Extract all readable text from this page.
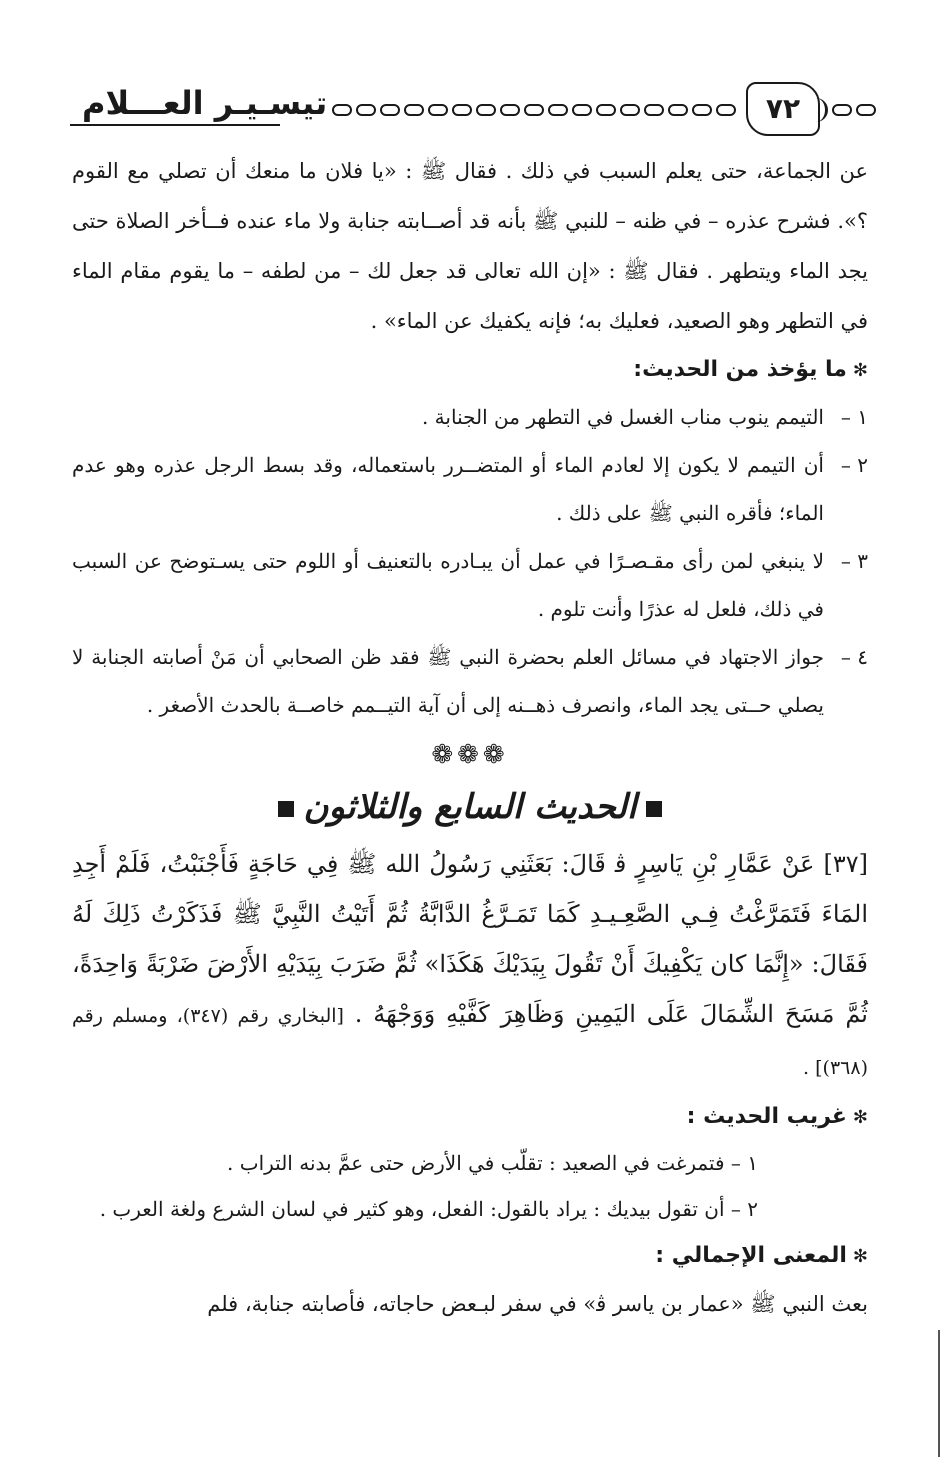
تيسـيـر العـــلام	٧٢

عن الجماعة، حتى يعلم السبب في ذلك . فقال ﷺ : «يا فلان ما منعك أن تصلي مع القوم ؟». فشرح عذره – في ظنه – للنبي ﷺ بأنه قد أصــابته جنابة ولا ماء عنده فــأخر الصلاة حتى يجد الماء ويتطهر . فقال ﷺ : «إن الله تعالى قد جعل لك – من لطفه – ما يقوم مقام الماء في التطهر وهو الصعيد، فعليك به؛ فإنه يكفيك عن الماء» .

✻ما يؤخذ من الحديث:
١ –
التيمم ينوب مناب الغسل في التطهر من الجنابة .
٢ –
أن التيمم لا يكون إلا لعادم الماء أو المتضــرر باستعماله، وقد بسط الرجل عذره وهو عدم الماء؛ فأقره النبي ﷺ على ذلك .
٣ –
لا ينبغي لمن رأى مقـصـرًا في عمل أن يبـادره بالتعنيف أو اللوم حتى يسـتوضح عن السبب في ذلك، فلعل له عذرًا وأنت تلوم .
٤ –
جواز الاجتهاد في مسائل العلم بحضرة النبي ﷺ فقد ظن الصحابي أن مَنْ أصابته الجنابة لا يصلي حــتى يجد الماء، وانصرف ذهــنه إلى أن آية التيــمم خاصــة بالحدث الأصغر .
❁❁❁
الحديث السابع والثلاثون

[٣٧] عَنْ عَمَّارِ بْنِ يَاسِرٍ ﭬ قَالَ: بَعَثَنِي رَسُولُ الله ﷺ فِي حَاجَةٍ فَأَجْنَبْتُ، فَلَمْ أَجِدِ المَاءَ فَتَمَرَّغْتُ فِـي الصَّعِـيـدِ كَمَا تَمَـرَّغُ الدَّابَّةُ ثُمَّ أَتَيْتُ النَّبِيَّ ﷺ فَذَكَرْتُ ذَلِكَ لَهُ فَقَالَ: «إِنَّمَا كان يَكْفِيكَ أَنْ تَقُولَ بِيَدَيْكَ هَكَذَا» ثُمَّ ضَرَبَ بِيَدَيْهِ الأَرْضَ ضَرْبَةً وَاحِدَةً، ثُمَّ مَسَحَ الشِّمَالَ عَلَى اليَمِينِ وَظَاهِرَ كَفَّيْهِ وَوَجْهَهُ . [البخاري رقم (٣٤٧)، ومسلم رقم (٣٦٨)] .

✻غريب الحديث :
١ – فتمرغت في الصعيد : تقلّب في الأرض حتى عمَّ بدنه التراب .
٢ – أن تقول بيديك : يراد بالقول: الفعل، وهو كثير في لسان الشرع ولغة العرب .
✻المعنى الإجمالي :

بعث النبي ﷺ «عمار بن ياسر ﭬ» في سفر لبـعض حاجاته، فأصابته جنابة، فلم
